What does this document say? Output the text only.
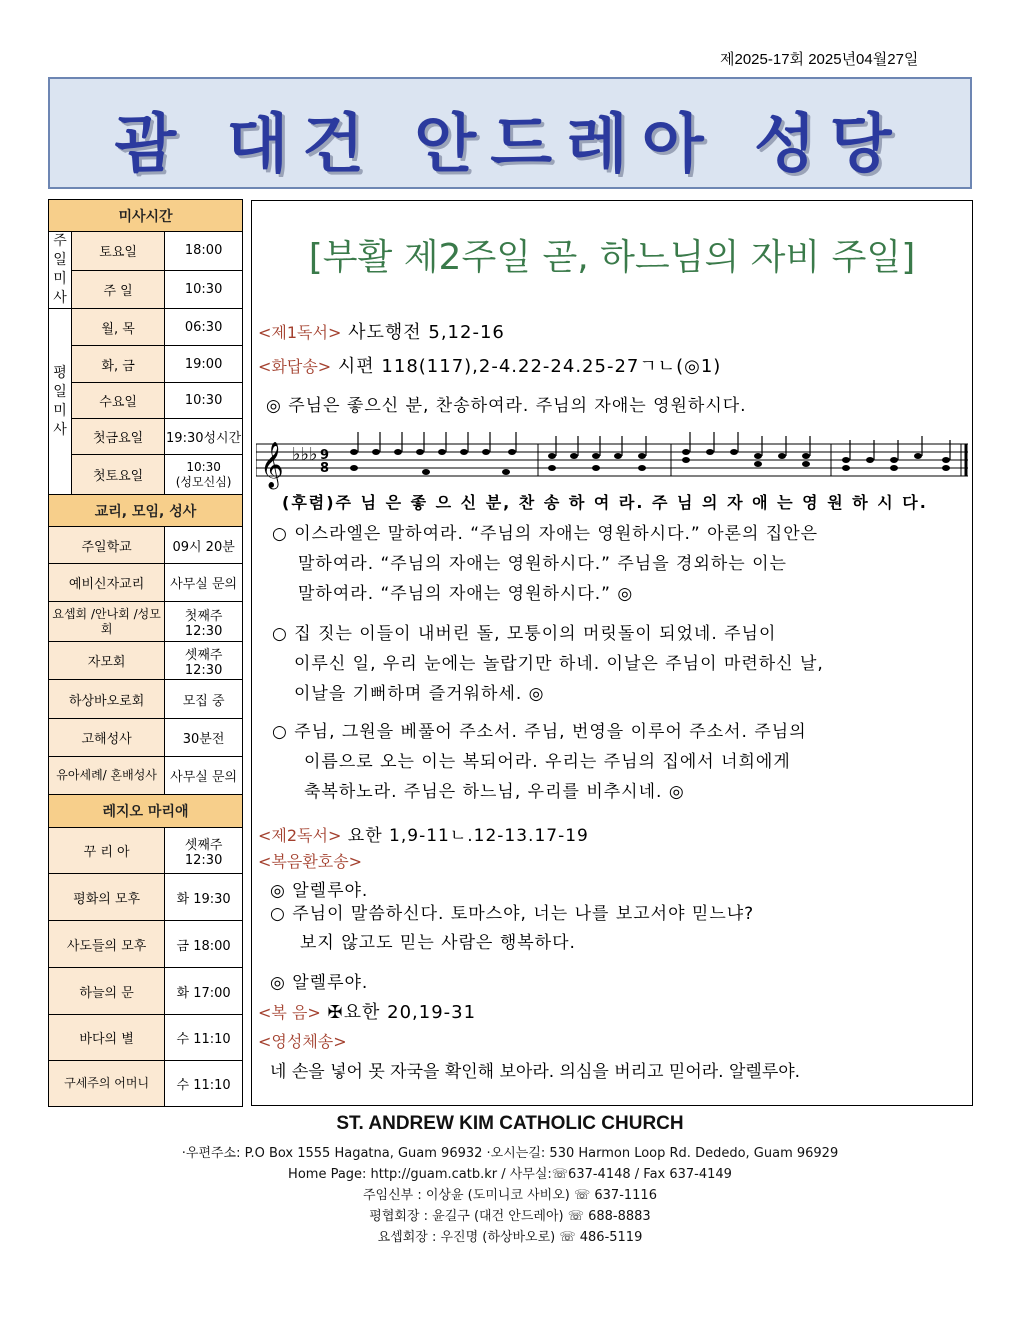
제2025-17회 2025년04월27일
괌 대건 안드레아 성당
미사시간		
주
일
미
사	토요일	18:00
	주 일	10:30
평
일
미
사	월, 목	06:30
	화, 금	19:00
	수요일	10:30
	첫금요일	19:30성시간
	첫토요일	10:30
(성모신심)
교리, 모임, 성사		
주일학교		09시 20분
예비신자교리		사무실 문의
요셉회 /안나회 /성모회		첫째주 12:30
자모회		셋째주 12:30
하상바오로회		모집 중
고해성사		30분전
유아세례/ 혼배성사		사무실 문의
레지오 마리애		
꾸 리 아		셋째주 12:30
평화의 모후		화 19:30
사도들의 모후		금 18:00
하늘의 문		화 17:00
바다의 별		수 11:10
구세주의 어머니		수 11:10
[부활 제2주일 곧, 하느님의 자비 주일]
<제1독서> 사도행전 5,12-16
<화답송> 시편 118(117),2-4.22-24.25-27ㄱㄴ(◎1)
◎ 주님은 좋으신 분, 찬송하여라. 주님의 자애는 영원하시다.
𝄞 ♭♭♭ 9
8
(후렴)주 님 은 좋 으 신 분, 찬 송 하 여 라. 주 님 의 자 애 는 영 원 하 시 다.
○ 이스라엘은 말하여라. “주님의 자애는 영원하시다.” 아론의 집안은
말하여라. “주님의 자애는 영원하시다.” 주님을 경외하는 이는
말하여라. “주님의 자애는 영원하시다.” ◎
○ 집 짓는 이들이 내버린 돌, 모퉁이의 머릿돌이 되었네. 주님이
이루신 일, 우리 눈에는 놀랍기만 하네. 이날은 주님이 마련하신 날,
이날을 기뻐하며 즐거워하세. ◎
○ 주님, 그원을 베풀어 주소서. 주님, 번영을 이루어 주소서. 주님의
이름으로 오는 이는 복되어라. 우리는 주님의 집에서 너희에게
축복하노라. 주님은 하느님, 우리를 비추시네. ◎
<제2독서> 요한 1,9-11ㄴ.12-13.17-19
<복음환호송>
◎ 알렐루야.
○ 주님이 말씀하신다. 토마스야, 너는 나를 보고서야 믿느냐?
보지 않고도 믿는 사람은 행복하다.
◎ 알렐루야.
<복 음> ✠요한 20,19-31
<영성체송>
네 손을 넣어 못 자국을 확인해 보아라. 의심을 버리고 믿어라. 알렐루야.
ST. ANDREW KIM CATHOLIC CHURCH
·우편주소: P.O Box 1555 Hagatna, Guam 96932 ·오시는길: 530 Harmon Loop Rd. Dededo, Guam 96929
Home Page: http://guam.catb.kr / 사무실:☏637-4148 / Fax 637-4149
주임신부 : 이상윤 (도미니코 사비오) ☏ 637-1116
평협회장 : 윤길구 (대건 안드레아) ☏ 688-8883
요셉회장 : 우진명 (하상바오로) ☏ 486-5119
